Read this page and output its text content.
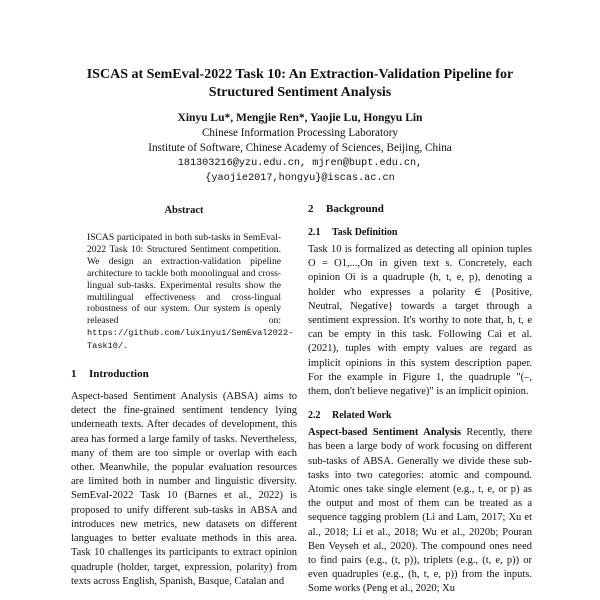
ISCAS at SemEval-2022 Task 10: An Extraction-Validation Pipeline for
Structured Sentiment Analysis
Xinyu Lu*, Mengjie Ren*, Yaojie Lu, Hongyu Lin
Chinese Information Processing Laboratory
Institute of Software, Chinese Academy of Sciences, Beijing, China
181303216@yzu.edu.cn, mjren@bupt.edu.cn,
{yaojie2017,hongyu}@iscas.ac.cn
Abstract
ISCAS participated in both sub-tasks in SemEval-2022 Task 10: Structured Sentiment competition. We design an extraction-validation pipeline architecture to tackle both monolingual and cross-lingual sub-tasks. Experimental results show the multilingual effectiveness and cross-lingual robustness of our system. Our system is openly released on: https://github.com/luxinyu1/SemEval2022-Task10/.
1 Introduction
Aspect-based Sentiment Analysis (ABSA) aims to detect the fine-grained sentiment tendency lying underneath texts. After decades of development, this area has formed a large family of tasks. Nevertheless, many of them are too simple or overlap with each other. Meanwhile, the popular evaluation resources are limited both in number and linguistic diversity. SemEval-2022 Task 10 (Barnes et al., 2022) is proposed to unify different sub-tasks in ABSA and introduces new metrics, new datasets on different languages to better evaluate methods in this area. Task 10 challenges its participants to extract opinion quadruple (holder, target, expression, polarity) from texts across English, Spanish, Basque, Catalan and
2 Background
2.1 Task Definition
Task 10 is formalized as detecting all opinion tuples O = O1,...,On in given text s. Concretely, each opinion Oi is a quadruple (h, t, e, p), denoting a holder who expresses a polarity ∈ {Positive, Neutral, Negative} towards a target through a sentiment expression. It's worthy to note that, h, t, e can be empty in this task. Following Cai et al. (2021), tuples with empty values are regard as implicit opinions in this system description paper. For the example in Figure 1, the quadruple "(–, them, don't believe negative)" is an implicit opinion.
2.2 Related Work
Aspect-based Sentiment Analysis Recently, there has been a large body of work focusing on different sub-tasks of ABSA. Generally we divide these sub-tasks into two categories: atomic and compound. Atomic ones take single element (e.g., t, e, or p) as the output and most of them can be treated as a sequence tagging problem (Li and Lam, 2017; Xu et al., 2018; Li et al., 2018; Wu et al., 2020b; Pouran Ben Veyseh et al., 2020). The compound ones need to find pairs (e.g., (t, p)), triplets (e.g., (t, e, p)) or even quadruples (e.g., (h, t, e, p)) from the inputs. Some works (Peng et al., 2020; Xu
